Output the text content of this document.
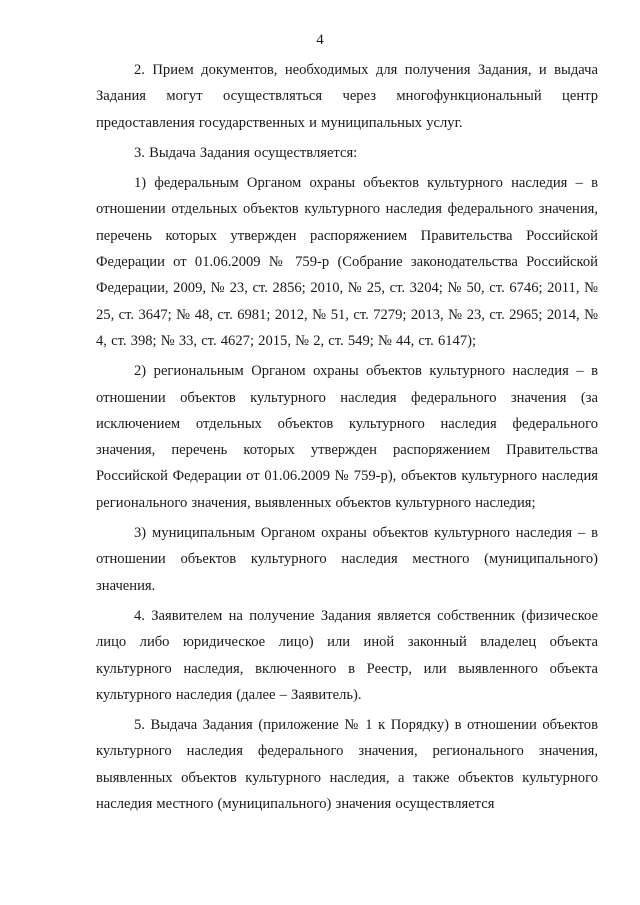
4

2. Прием документов, необходимых для получения Задания, и выдача Задания могут осуществляться через многофункциональный центр предоставления государственных и муниципальных услуг.

3. Выдача Задания осуществляется:

1) федеральным Органом охраны объектов культурного наследия – в отношении отдельных объектов культурного наследия федерального значения, перечень которых утвержден распоряжением Правительства Российской Федерации от 01.06.2009 № 759-р (Собрание законодательства Российской Федерации, 2009, № 23, ст. 2856; 2010, № 25, ст. 3204; № 50, ст. 6746; 2011, № 25, ст. 3647; № 48, ст. 6981; 2012, № 51, ст. 7279; 2013, № 23, ст. 2965; 2014, № 4, ст. 398; № 33, ст. 4627; 2015, № 2, ст. 549; № 44, ст. 6147);

2) региональным Органом охраны объектов культурного наследия – в отношении объектов культурного наследия федерального значения (за исключением отдельных объектов культурного наследия федерального значения, перечень которых утвержден распоряжением Правительства Российской Федерации от 01.06.2009 № 759-р), объектов культурного наследия регионального значения, выявленных объектов культурного наследия;

3) муниципальным Органом охраны объектов культурного наследия – в отношении объектов культурного наследия местного (муниципального) значения.

4. Заявителем на получение Задания является собственник (физическое лицо либо юридическое лицо) или иной законный владелец объекта культурного наследия, включенного в Реестр, или выявленного объекта культурного наследия (далее – Заявитель).

5. Выдача Задания (приложение № 1 к Порядку) в отношении объектов культурного наследия федерального значения, регионального значения, выявленных объектов культурного наследия, а также объектов культурного наследия местного (муниципального) значения осуществляется
